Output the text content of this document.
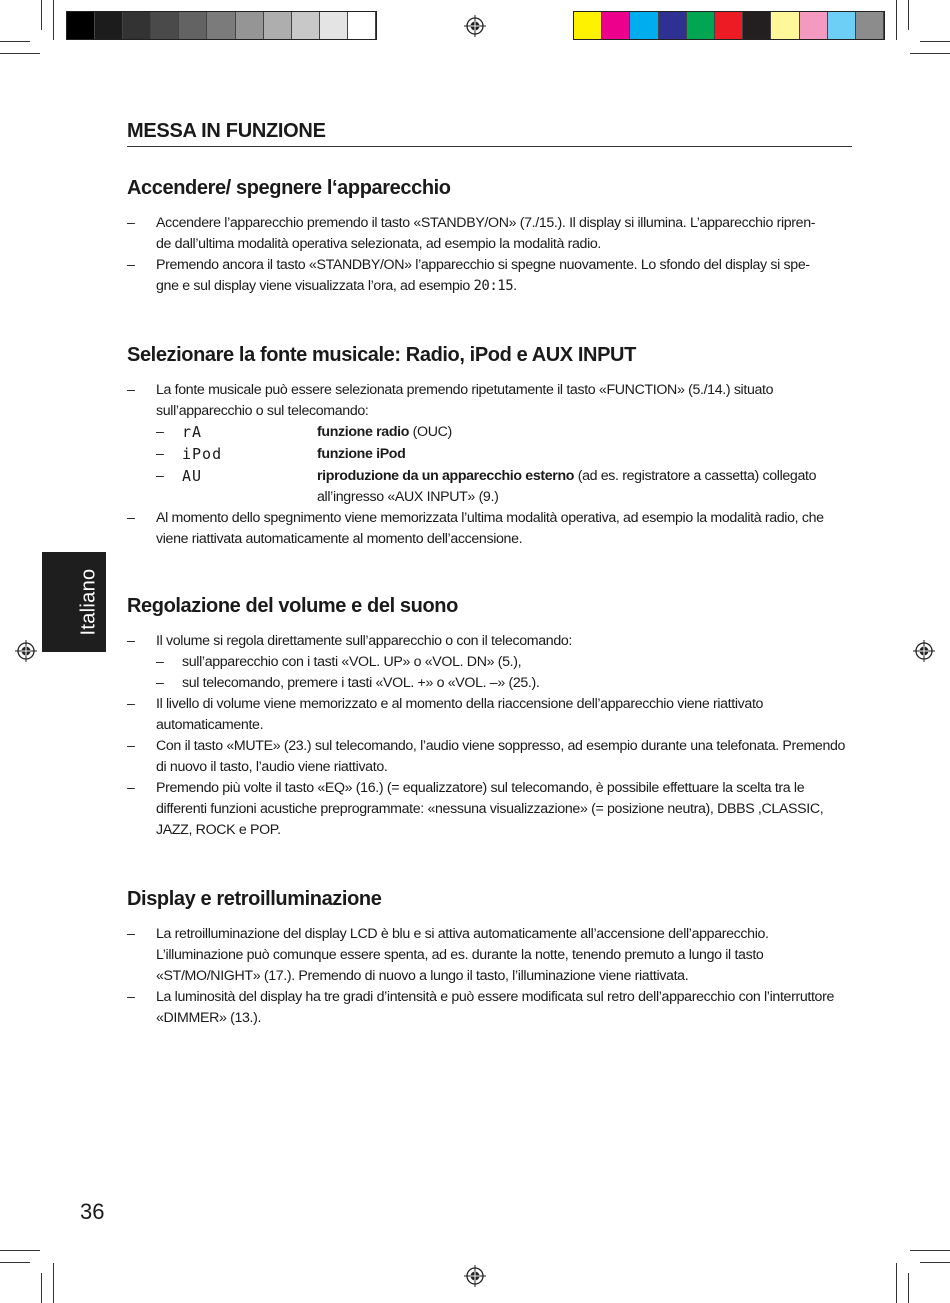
Italiano
MESSA IN FUNZIONE
Accendere/ spegnere l‘apparecchio
– Accendere l’apparecchio premendo il tasto «STANDBY/ON» (7./15.). Il display si illumina. L’apparecchio ripren-
de dall’ultima modalità operativa selezionata, ad esempio la modalità radio.
– Premendo ancora il tasto «STANDBY/ON» l’apparecchio si spegne nuovamente. Lo sfondo del display si spe-
gne e sul display viene visualizzata l’ora, ad esempio 20:15.
Selezionare la fonte musicale: Radio, iPod e AUX INPUT
– La fonte musicale può essere selezionata premendo ripetutamente il tasto «FUNCTION» (5./14.) situato sull’apparecchio o sul telecomando:
– rA	funzione radio (OUC)
– iPod	funzione iPod
– AU	riproduzione da un apparecchio esterno (ad es. registratore a cassetta) collegato all’ingresso «AUX INPUT» (9.)
– Al momento dello spegnimento viene memorizzata l’ultima modalità operativa, ad esempio la modalità radio, che viene riattivata automaticamente al momento dell’accensione.
Regolazione del volume e del suono
– Il volume si regola direttamente sull’apparecchio o con il telecomando:
– sull’apparecchio con i tasti «VOL. UP» o «VOL. DN» (5.),
– sul telecomando, premere i tasti «VOL. +» o «VOL. –» (25.).
– Il livello di volume viene memorizzato e al momento della riaccensione dell’apparecchio viene riattivato automaticamente.
– Con il tasto «MUTE» (23.) sul telecomando, l’audio viene soppresso, ad esempio durante una telefonata. Premendo di nuovo il tasto, l’audio viene riattivato.
– Premendo più volte il tasto «EQ» (16.) (= equalizzatore) sul telecomando, è possibile effettuare la scelta tra le differenti funzioni acustiche preprogrammate: «nessuna visualizzazione» (= posizione neutra), DBBS ,CLASSIC, JAZZ, ROCK e POP.
Display e retroilluminazione
– La retroilluminazione del display LCD è blu e si attiva automaticamente all’accensione dell’apparecchio. L’illuminazione può comunque essere spenta, ad es. durante la notte, tenendo premuto a lungo il tasto «ST/MO/NIGHT» (17.). Premendo di nuovo a lungo il tasto, l’illuminazione viene riattivata.
– La luminosità del display ha tre gradi d’intensità e può essere modificata sul retro dell’apparecchio con l’interruttore «DIMMER» (13.).
36
